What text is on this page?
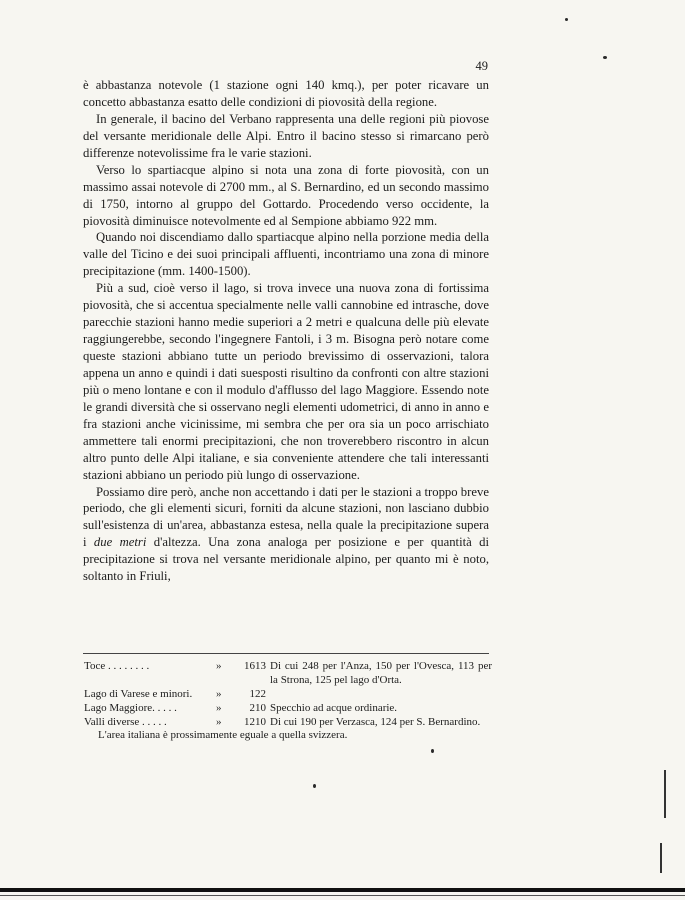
49

è abbastanza notevole (1 stazione ogni 140 kmq.), per poter ricavare un concetto abbastanza esatto delle condizioni di piovosità della regione.

In generale, il bacino del Verbano rappresenta una delle regioni più piovose del versante meridionale delle Alpi. Entro il bacino stesso si rimarcano però differenze notevolissime fra le varie stazioni.

Verso lo spartiacque alpino si nota una zona di forte piovosità, con un massimo assai notevole di 2700 mm., al S. Bernardino, ed un secondo massimo di 1750, intorno al gruppo del Gottardo. Procedendo verso occidente, la piovosità diminuisce notevolmente ed al Sempione abbiamo 922 mm.

Quando noi discendiamo dallo spartiacque alpino nella porzione media della valle del Ticino e dei suoi principali affluenti, incontriamo una zona di minore precipitazione (mm. 1400-1500).

Più a sud, cioè verso il lago, si trova invece una nuova zona di fortissima piovosità, che si accentua specialmente nelle valli cannobine ed intrasche, dove parecchie stazioni hanno medie superiori a 2 metri e qualcuna delle più elevate raggiungerebbe, secondo l'ingegnere Fantoli, i 3 m. Bisogna però notare come queste stazioni abbiano tutte un periodo brevissimo di osservazioni, talora appena un anno e quindi i dati suesposti risultino da confronti con altre stazioni più o meno lontane e con il modulo d'afflusso del lago Maggiore. Essendo note le grandi diversità che si osservano negli elementi udometrici, di anno in anno e fra stazioni anche vicinissime, mi sembra che per ora sia un poco arrischiato ammettere tali enormi precipitazioni, che non troverebbero riscontro in alcun altro punto delle Alpi italiane, e sia conveniente attendere che tali interessanti stazioni abbiano un periodo più lungo di osservazione.

Possiamo dire però, anche non accettando i dati per le stazioni a troppo breve periodo, che gli elementi sicuri, forniti da alcune stazioni, non lasciano dubbio sull'esistenza di un'area, abbastanza estesa, nella quale la precipitazione supera i due metri d'altezza. Una zona analoga per posizione e per quantità di precipitazione si trova nel versante meridionale alpino, per quanto mi è noto, soltanto in Friuli,

Toce . . . . . . . .	»	1613 Di cui 248 per l'Anza, 150 per l'Ovesca, 113 per la Strona, 125 pel lago d'Orta.
Lago di Varese e minori. »	122
Lago Maggiore. . . . .	»	210 Specchio ad acque ordinarie.
Valli diverse . . . . .	»	1210 Di cui 190 per Verzasca, 124 per S. Bernardino.
L'area italiana è prossimamente eguale a quella svizzera.
